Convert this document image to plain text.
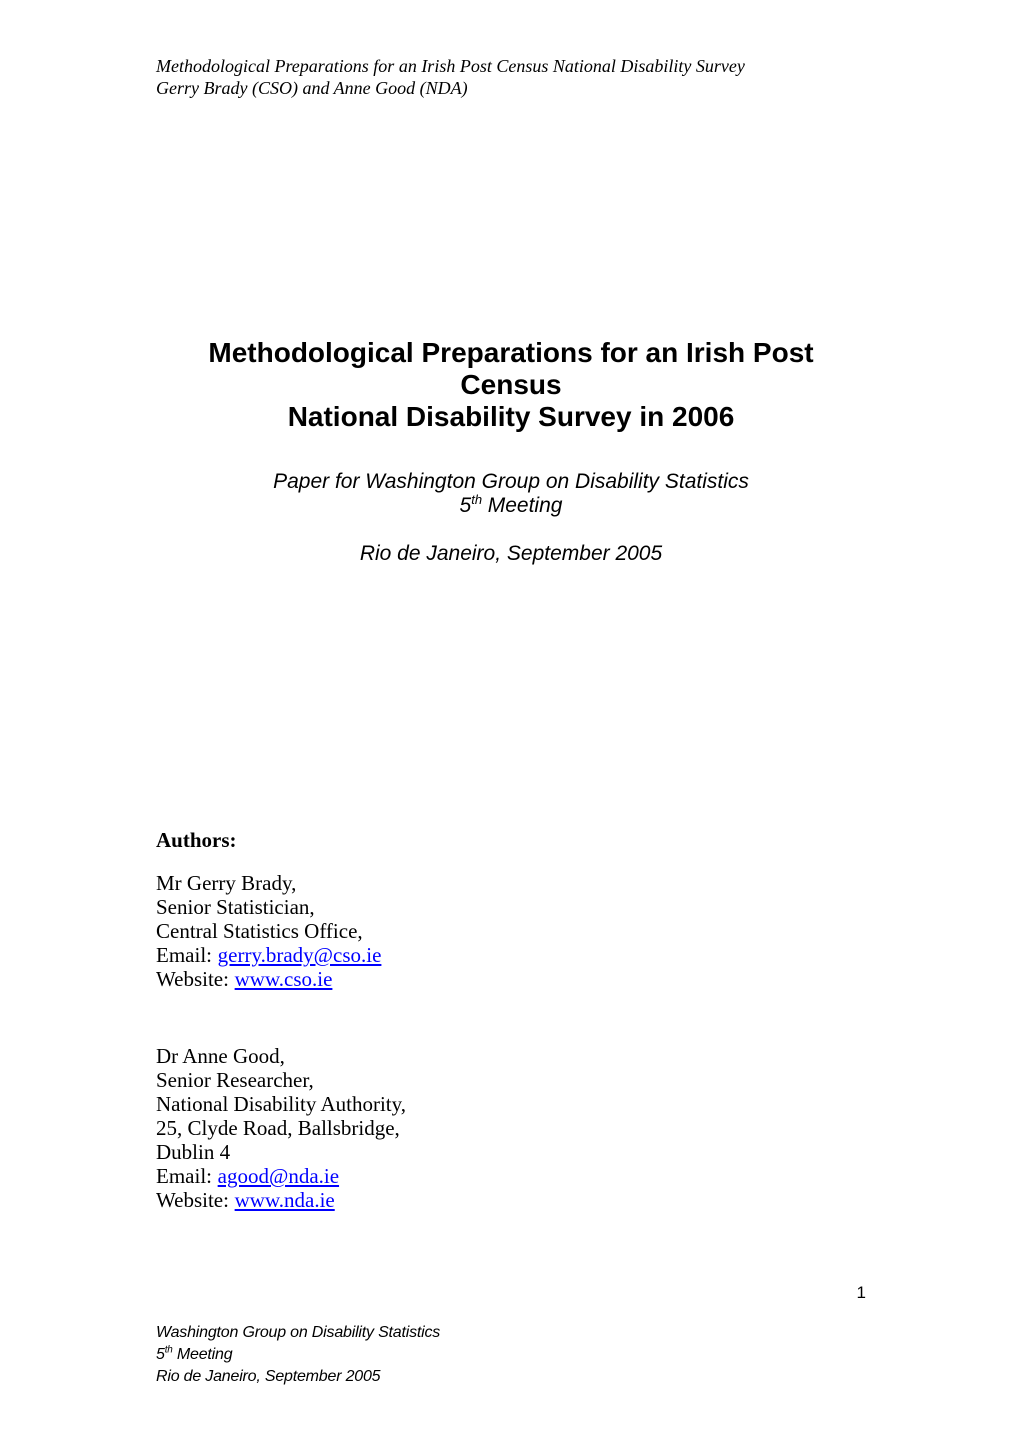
Methodological Preparations for an Irish Post Census National Disability Survey
Gerry Brady (CSO) and Anne Good (NDA)
Methodological Preparations for an Irish Post Census
National Disability Survey in 2006
Paper for Washington Group on Disability Statistics
5th Meeting
Rio de Janeiro, September 2005
Authors:
Mr Gerry Brady,
Senior Statistician,
Central Statistics Office,
Email: gerry.brady@cso.ie
Website: www.cso.ie
Dr Anne Good,
Senior Researcher,
National Disability Authority,
25, Clyde Road, Ballsbridge,
Dublin 4
Email: agood@nda.ie
Website: www.nda.ie
1
Washington Group on Disability Statistics
5th Meeting
Rio de Janeiro, September 2005
